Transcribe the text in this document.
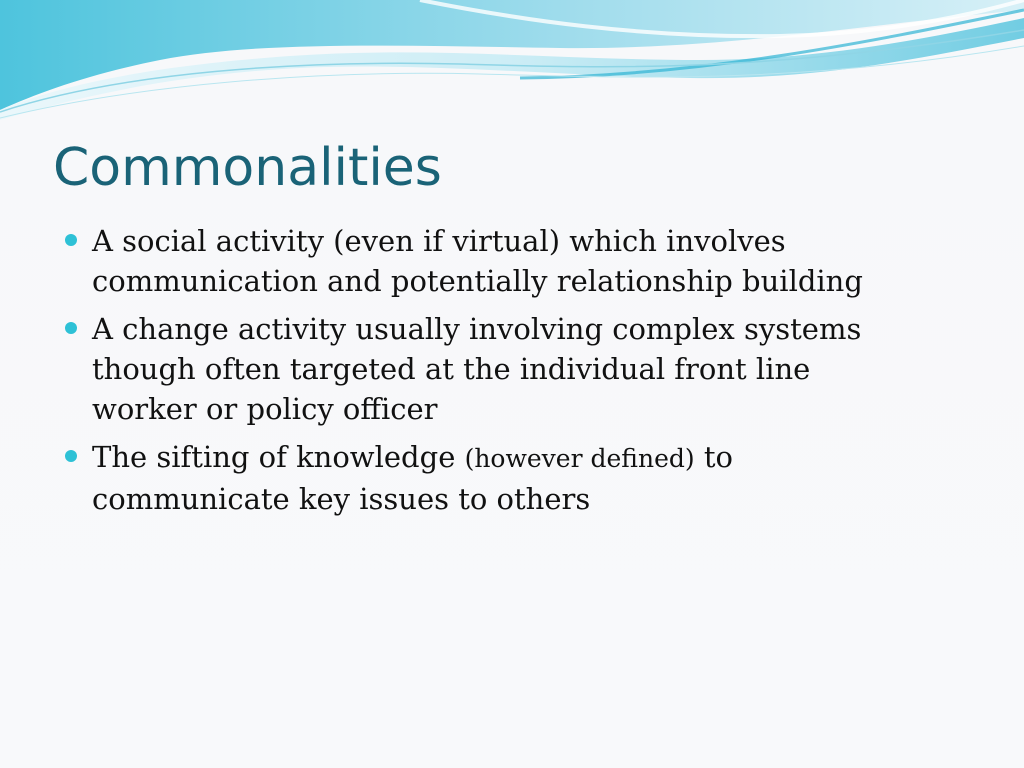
Commonalities
A social activity (even if virtual) which involves
communication and potentially relationship building
A change activity usually involving complex systems
though often targeted at the individual front line
worker or policy officer
The sifting of knowledge (however defined) to
communicate key issues to others
